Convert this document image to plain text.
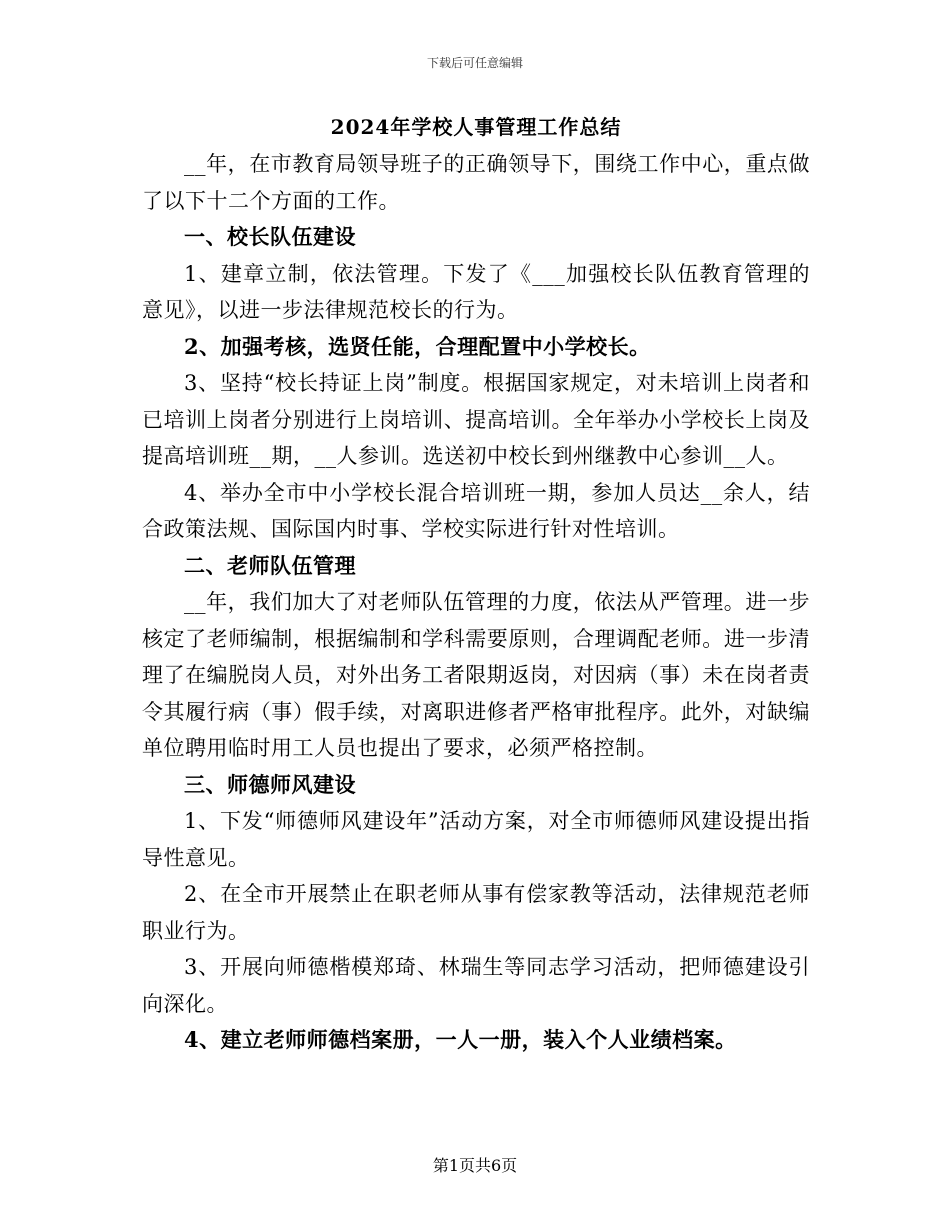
下载后可任意编辑
2024年学校人事管理工作总结

__年，在市教育局领导班子的正确领导下，围绕工作中心，重点做了以下十二个方面的工作。

一、校长队伍建设

1、建章立制，依法管理。下发了《___加强校长队伍教育管理的意见》，以进一步法律规范校长的行为。

2、加强考核，选贤任能，合理配置中小学校长。

3、坚持“校长持证上岗”制度。根据国家规定，对未培训上岗者和已培训上岗者分别进行上岗培训、提高培训。全年举办小学校长上岗及提高培训班__期，__人参训。选送初中校长到州继教中心参训__人。

4、举办全市中小学校长混合培训班一期，参加人员达__余人，结合政策法规、国际国内时事、学校实际进行针对性培训。

二、老师队伍管理

__年，我们加大了对老师队伍管理的力度，依法从严管理。进一步核定了老师编制，根据编制和学科需要原则，合理调配老师。进一步清理了在编脱岗人员，对外出务工者限期返岗，对因病（事）未在岗者责令其履行病（事）假手续，对离职进修者严格审批程序。此外，对缺编单位聘用临时用工人员也提出了要求，必须严格控制。

三、师德师风建设

1、下发“师德师风建设年”活动方案，对全市师德师风建设提出指导性意见。

2、在全市开展禁止在职老师从事有偿家教等活动，法律规范老师职业行为。

3、开展向师德楷模郑琦、林瑞生等同志学习活动，把师德建设引向深化。

4、建立老师师德档案册，一人一册，装入个人业绩档案。

第1页共6页
